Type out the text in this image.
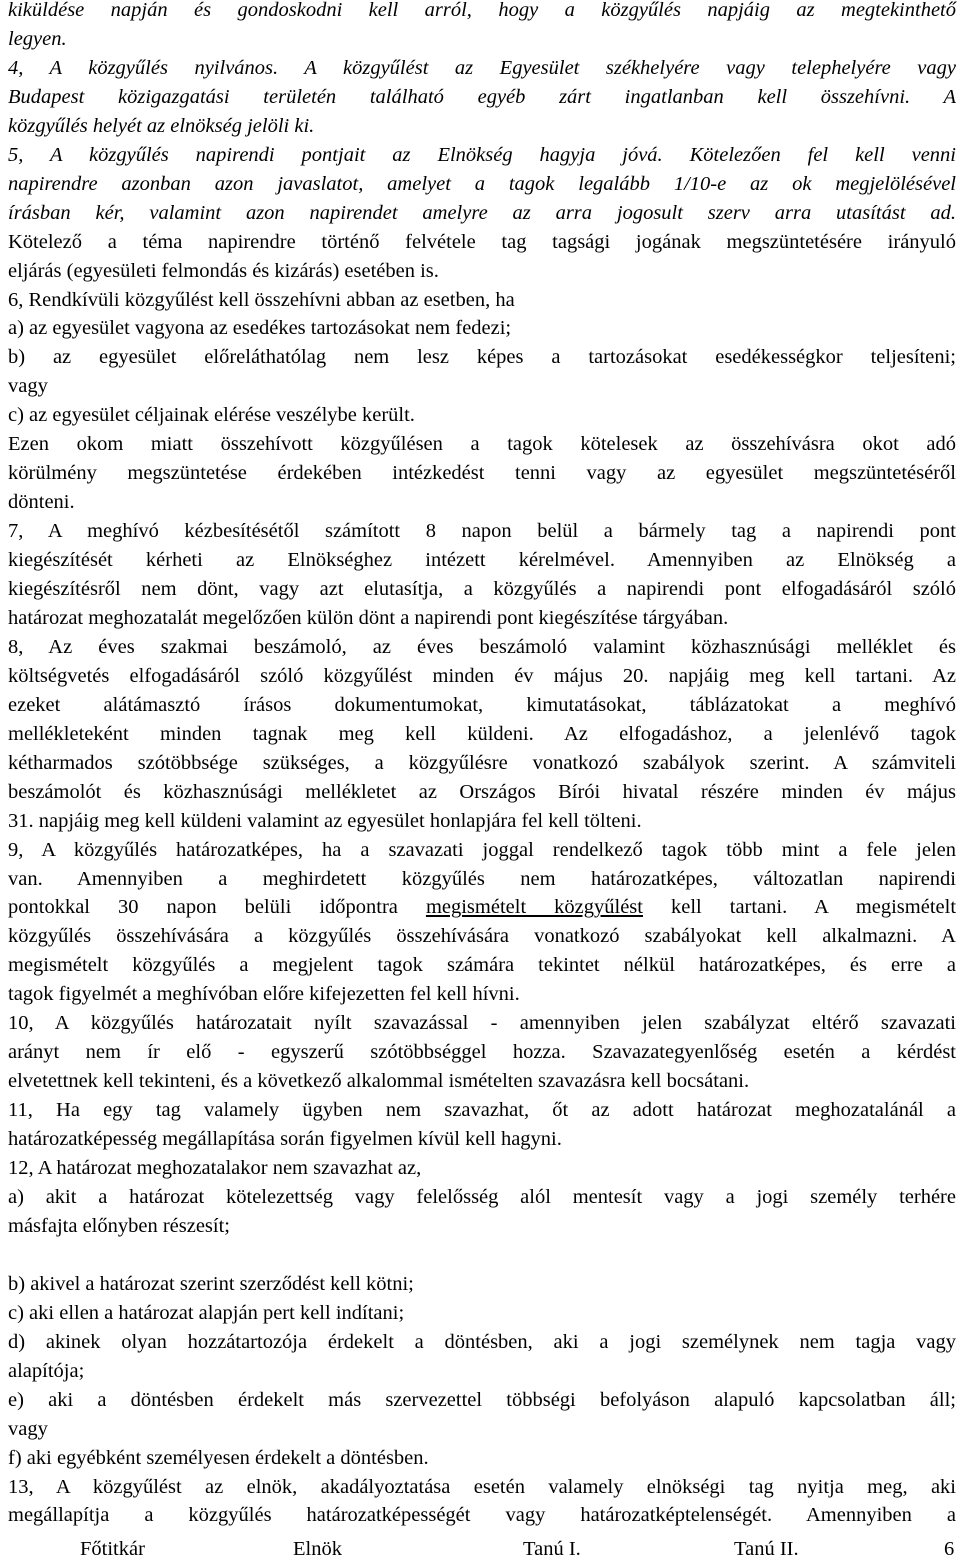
kiküldése napján és gondoskodni kell arról, hogy a közgyűlés napjáig az megtekinthető
legyen.
4, A közgyűlés nyilvános. A közgyűlést az Egyesület székhelyére vagy telephelyére vagy
Budapest közigazgatási területén található egyéb zárt ingatlanban kell összehívni. A
közgyűlés helyét az elnökség jelöli ki.
5, A közgyűlés napirendi pontjait az Elnökség hagyja jóvá. Kötelezően fel kell venni
napirendre azonban azon javaslatot, amelyet a tagok legalább 1/10-e az ok megjelölésével
írásban kér, valamint azon napirendet amelyre az arra jogosult szerv arra utasítást ad.
Kötelező a téma napirendre történő felvétele tag tagsági jogának megszüntetésére irányuló
eljárás (egyesületi felmondás és kizárás) esetében is.
6, Rendkívüli közgyűlést kell összehívni abban az esetben, ha
a) az egyesület vagyona az esedékes tartozásokat nem fedezi;
b) az egyesület előreláthatólag nem lesz képes a tartozásokat esedékességkor teljesíteni;
vagy
c) az egyesület céljainak elérése veszélybe került.
Ezen okom miatt összehívott közgyűlésen a tagok kötelesek az összehívásra okot adó
körülmény megszüntetése érdekében intézkedést tenni vagy az egyesület megszüntetéséről
dönteni.
7, A meghívó kézbesítésétől számított 8 napon belül a bármely tag a napirendi pont
kiegészítését kérheti az Elnökséghez intézett kérelmével. Amennyiben az Elnökség a
kiegészítésről nem dönt, vagy azt elutasítja, a közgyűlés a napirendi pont elfogadásáról szóló
határozat meghozatalát megelőzően külön dönt a napirendi pont kiegészítése tárgyában.
8, Az éves szakmai beszámoló, az éves beszámoló valamint közhasznúsági melléklet és
költségvetés elfogadásáról szóló közgyűlést minden év május 20. napjáig meg kell tartani. Az
ezeket alátámasztó írásos dokumentumokat, kimutatásokat, táblázatokat a meghívó
mellékleteként minden tagnak meg kell küldeni. Az elfogadáshoz, a jelenlévő tagok
kétharmados szótöbbsége szükséges, a közgyűlésre vonatkozó szabályok szerint. A számviteli
beszámolót és közhasznúsági mellékletet az Országos Bírói hivatal részére minden év május
31. napjáig meg kell küldeni valamint az egyesület honlapjára fel kell tölteni.
9, A közgyűlés határozatképes, ha a szavazati joggal rendelkező tagok több mint a fele jelen
van. Amennyiben a meghirdetett közgyűlés nem határozatképes, változatlan napirendi
pontokkal 30 napon belüli időpontra megismételt közgyűlést kell tartani. A megismételt
közgyűlés összehívására a közgyűlés összehívására vonatkozó szabályokat kell alkalmazni. A
megismételt közgyűlés a megjelent tagok számára tekintet nélkül határozatképes, és erre a
tagok figyelmét a meghívóban előre kifejezetten fel kell hívni.
10, A közgyűlés határozatait nyílt szavazással - amennyiben jelen szabályzat eltérő szavazati
arányt nem ír elő - egyszerű szótöbbséggel hozza. Szavazategyenlőség esetén a kérdést
elvetettnek kell tekinteni, és a következő alkalommal ismételten szavazásra kell bocsátani.
11, Ha egy tag valamely ügyben nem szavazhat, őt az adott határozat meghozatalánál a
határozatképesség megállapítása során figyelmen kívül kell hagyni.
12, A határozat meghozatalakor nem szavazhat az,
a) akit a határozat kötelezettség vagy felelősség alól mentesít vagy a jogi személy terhére
másfajta előnyben részesít;
b) akivel a határozat szerint szerződést kell kötni;
c) aki ellen a határozat alapján pert kell indítani;
d) akinek olyan hozzátartozója érdekelt a döntésben, aki a jogi személynek nem tagja vagy
alapítója;
e) aki a döntésben érdekelt más szervezettel többségi befolyáson alapuló kapcsolatban áll;
vagy
f) aki egyébként személyesen érdekelt a döntésben.
13, A közgyűlést az elnök, akadályoztatása esetén valamely elnökségi tag nyitja meg, aki
megállapítja a közgyűlés határozatképességét vagy határozatképtelenségét. Amennyiben a
Főtitkár	Elnök	Tanú I.	Tanú II.	6
